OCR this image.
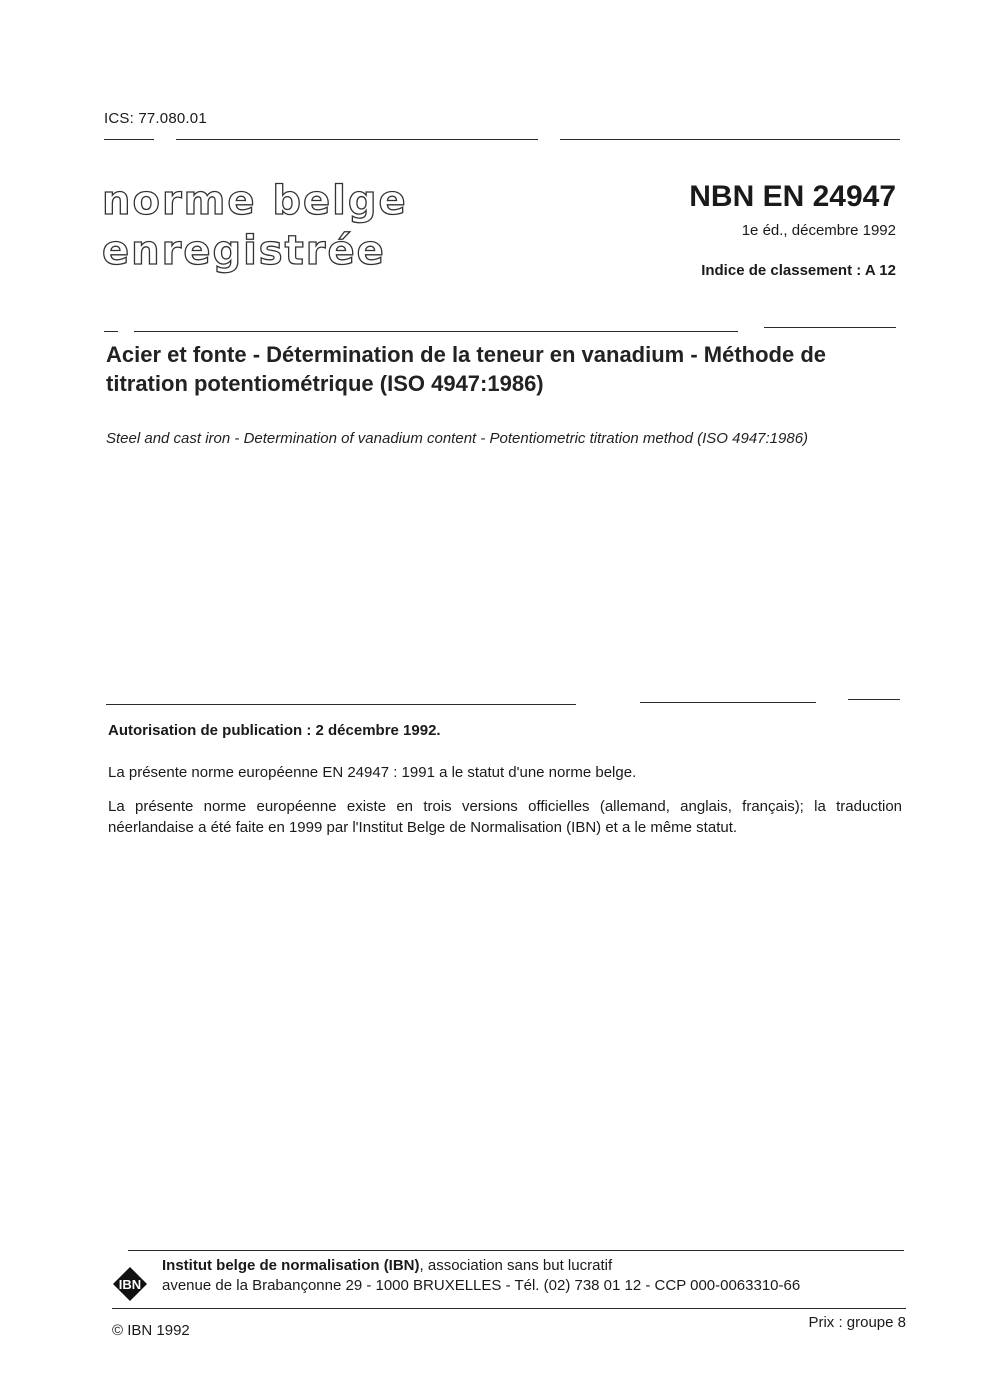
ICS: 77.080.01
norme belge
enregistrée
NBN EN 24947
1e éd., décembre 1992
Indice de classement : A 12
Acier et fonte - Détermination de la teneur en vanadium - Méthode de titration potentiométrique (ISO 4947:1986)
Steel and cast iron - Determination of vanadium content - Potentiometric titration method (ISO 4947:1986)
Autorisation de publication : 2 décembre 1992.
La présente norme européenne EN 24947 : 1991 a le statut d'une norme belge.
La présente norme européenne existe en trois versions officielles (allemand, anglais, français); la traduction néerlandaise a été faite en 1999 par l'Institut Belge de Normalisation (IBN) et a le même statut.
IBN
Institut belge de normalisation (IBN), association sans but lucratif
avenue de la Brabançonne 29 - 1000 BRUXELLES - Tél. (02) 738 01 12 - CCP 000-0063310-66
© IBN 1992	Prix : groupe 8
